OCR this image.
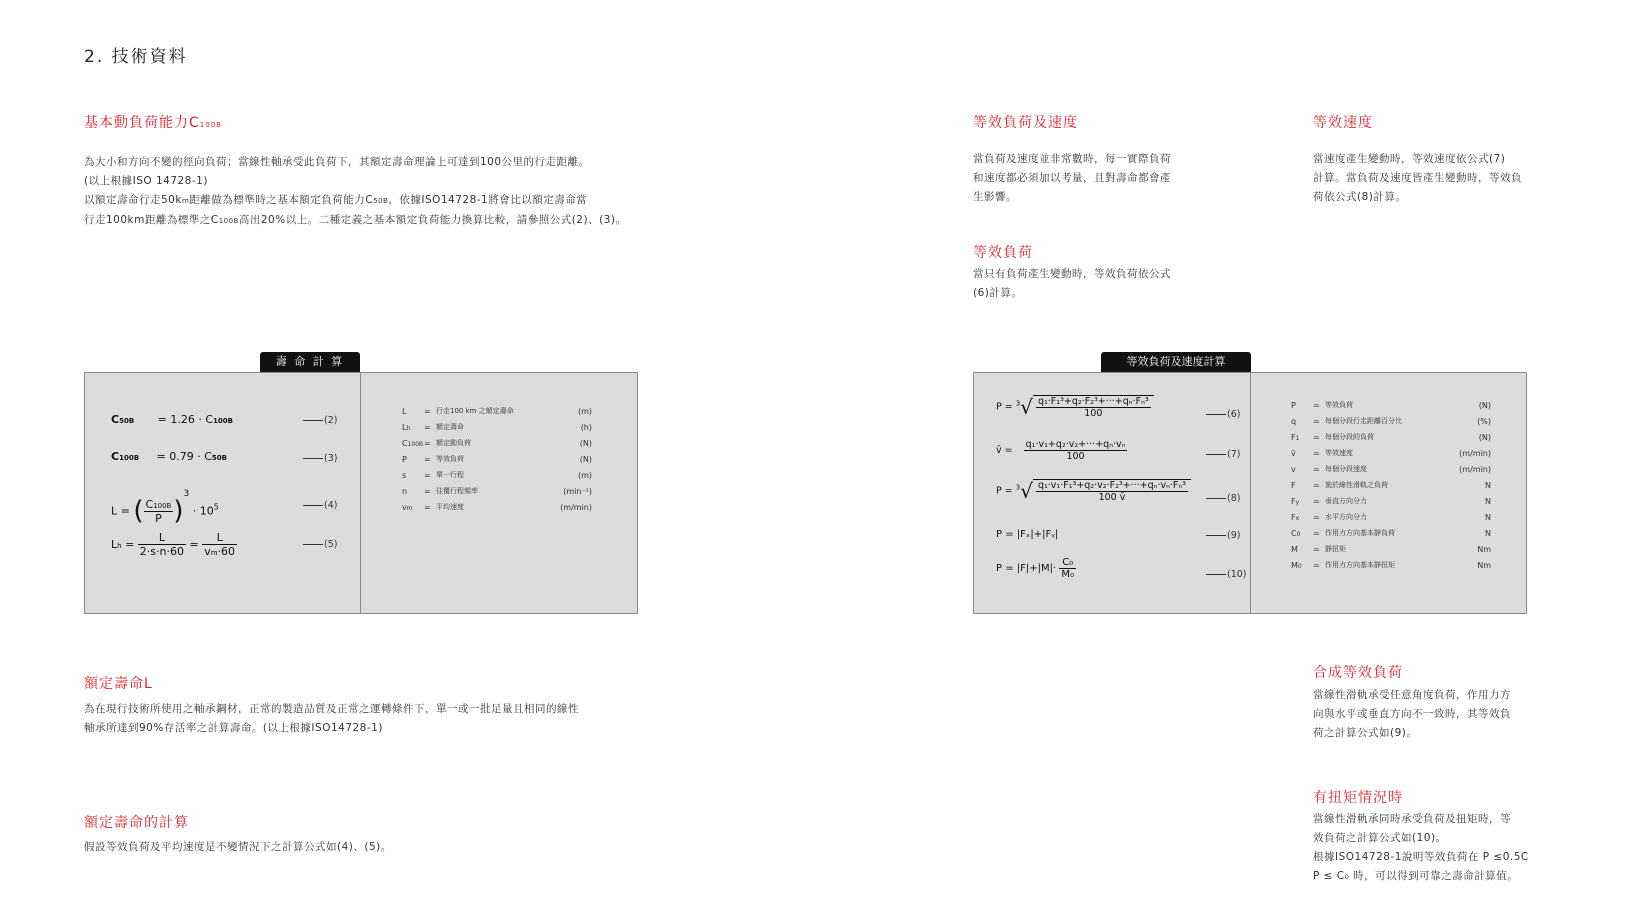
2. 技術資料
基本動負荷能力C100B
為大小和方向不變的徑向負荷；當線性軸承受此負荷下，其額定壽命理論上可達到100公里的行走距離。
(以上根據ISO 14728-1)
以額定壽命行走50km距離做為標準時之基本額定負荷能力C50B，依據ISO14728-1將會比以額定壽命當
行走100km距離為標準之C100B高出20%以上。二種定義之基本額定負荷能力換算比較，請參照公式(2)、(3)。
壽 命 計 算
C50B = 1.26 · C100B	(2)
C100B = 0.79 · C50B	(3)
L = ( $\frac{C100B}{P} )^3 \cdot 10^5$	(4)
$Lh = \frac{L}{2\cdot s\cdot n\cdot 60} = \frac{L}{vm\cdot 60}$	(5)
L	=	行走100 km 之額定壽命	(m)
Lh	=	額定壽命	(h)
C100B	=	額定動負荷	(N)
P	=	等效負荷	(N)
s	=	單一行程	(m)
n	=	往覆行程頻率	(min⁻¹)
vm	=	平均速度	(m/min)
額定壽命L
為在現行技術所使用之軸承鋼材，正常的製造品質及正常之運轉條件下，單一或一批足量且相同的線性
軸承所達到90%存活率之計算壽命。(以上根據ISO14728-1)
額定壽命的計算
假設等效負荷及平均速度是不變情況下之計算公式如(4)、(5)。
等效負荷及速度
當負荷及速度並非常數時，每一實際負荷
和速度都必須加以考量，且對壽命都會產
生影響。
等效速度
當速度產生變動時，等效速度依公式(7)
計算。當負荷及速度皆產生變動時，等效負
荷依公式(8)計算。
等效負荷
當只有負荷產生變動時，等效負荷依公式
(6)計算。
等效負荷及速度計算
$P = ^3√ \frac{\text{q₁·F₁³+q₂·F₂³+···+qₙ·Fₙ³}}{100}$	(6)
v̄ = $\frac{\text{q₁·v₁+q₂·v₂+···+qₙ·vₙ}}{100}$	(7)
$P = ^3√ \frac{\text{q₁·v₁·F₁³+q₂·v₂·F₂³+···+qₙ·vₙ·Fₙ³}}{100 v̄}$	(8)
P = |Fₓ|+|Fᵧ|	(9)
$P = |F|+|M|\cdot \frac{\text{C₀}}{\text{M₀}}$	(10)
P	=	等效負荷	(N)
q	=	每個分段行走距離百分比	(%)
F1	=	每個分段的負荷	(N)
v̄	=	等效速度	(m/min)
v	=	每個分段速度	(m/min)
F	=	施於線性滑軌之負荷	N
Fy	=	垂直方向分力	N
Fx	=	水平方向分力	N
C0	=	作用力方向基本靜負荷	N
M	=	靜扭矩	Nm
M0	=	作用力方向基本靜扭矩	Nm
合成等效負荷
當線性滑軌承受任意角度負荷，作用力方
向與水平或垂直方向不一致時，其等效負
荷之計算公式如(9)。
有扭矩情況時
當線性滑軌承同時承受負荷及扭矩時，等
效負荷之計算公式如(10)。
根據ISO14728-1說明等效負荷在 P ≤0.5C
P ≤ C₀ 時，可以得到可靠之壽命計算值。
